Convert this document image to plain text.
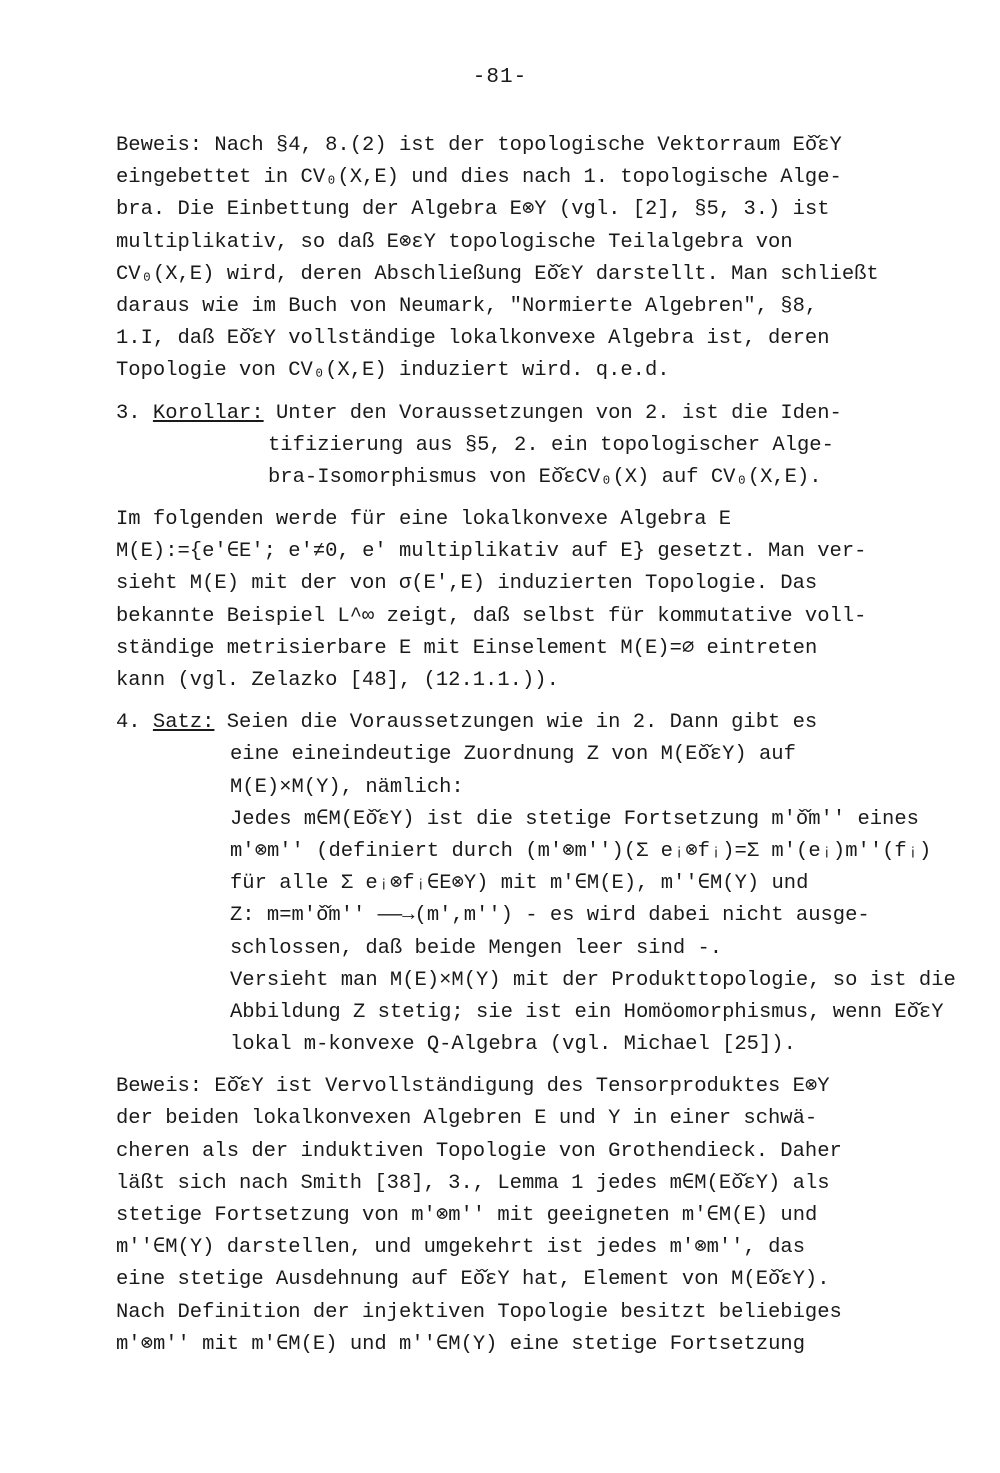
-81-
Beweis: Nach §4, 8.(2) ist der topologische Vektorraum Eǒ̌εY
eingebettet in CV₀(X,E) und dies nach 1. topologische Alge-
bra. Die Einbettung der Algebra E⊗Y (vgl. [2], §5, 3.) ist
multiplikativ, so daß E⊗εY topologische Teilalgebra von
CV₀(X,E) wird, deren Abschließung Eǒ̌εY darstellt. Man schließt
daraus wie im Buch von Neumark, "Normierte Algebren", §8,
1.I, daß Eǒ̌εY vollständige lokalkonvexe Algebra ist, deren
Topologie von CV₀(X,E) induziert wird. q.e.d.
3. Korollar: Unter den Voraussetzungen von 2. ist die Iden-
tifizierung aus §5, 2. ein topologischer Alge-
bra-Isomorphismus von Eǒ̌εCV₀(X) auf CV₀(X,E).
Im folgenden werde für eine lokalkonvexe Algebra E
M(E):={e'∈E'; e'≠0, e' multiplikativ auf E} gesetzt. Man ver-
sieht M(E) mit der von σ(E',E) induzierten Topologie. Das
bekannte Beispiel L^∞ zeigt, daß selbst für kommutative voll-
ständige metrisierbare E mit Einselement M(E)=∅ eintreten
kann (vgl. Zelazko [48], (12.1.1.)).
4. Satz: Seien die Voraussetzungen wie in 2. Dann gibt es
eine eineindeutige Zuordnung Z von M(Eǒ̌εY) auf
M(E)×M(Y), nämlich:
Jedes m∈M(Eǒ̌εY) ist die stetige Fortsetzung m'ǒ̌m'' eines
m'⊗m'' (definiert durch (m'⊗m'')(Σ eᵢ⊗fᵢ)=Σ m'(eᵢ)m''(fᵢ)
für alle Σ eᵢ⊗fᵢ∈E⊗Y) mit m'∈M(E), m''∈M(Y) und
Z: m=m'ǒ̌m'' ——→(m',m'') - es wird dabei nicht ausge-
schlossen, daß beide Mengen leer sind -.
Versieht man M(E)×M(Y) mit der Produkttopologie, so ist die
Abbildung Z stetig; sie ist ein Homöomorphismus, wenn Eǒ̌εY
lokal m-konvexe Q-Algebra (vgl. Michael [25]).
Beweis: Eǒ̌εY ist Vervollständigung des Tensorproduktes E⊗Y
der beiden lokalkonvexen Algebren E und Y in einer schwä-
cheren als der induktiven Topologie von Grothendieck. Daher
läßt sich nach Smith [38], 3., Lemma 1 jedes m∈M(Eǒ̌εY) als
stetige Fortsetzung von m'⊗m'' mit geeigneten m'∈M(E) und
m''∈M(Y) darstellen, und umgekehrt ist jedes m'⊗m'', das
eine stetige Ausdehnung auf Eǒ̌εY hat, Element von M(Eǒ̌εY).
Nach Definition der injektiven Topologie besitzt beliebiges
m'⊗m'' mit m'∈M(E) und m''∈M(Y) eine stetige Fortsetzung
